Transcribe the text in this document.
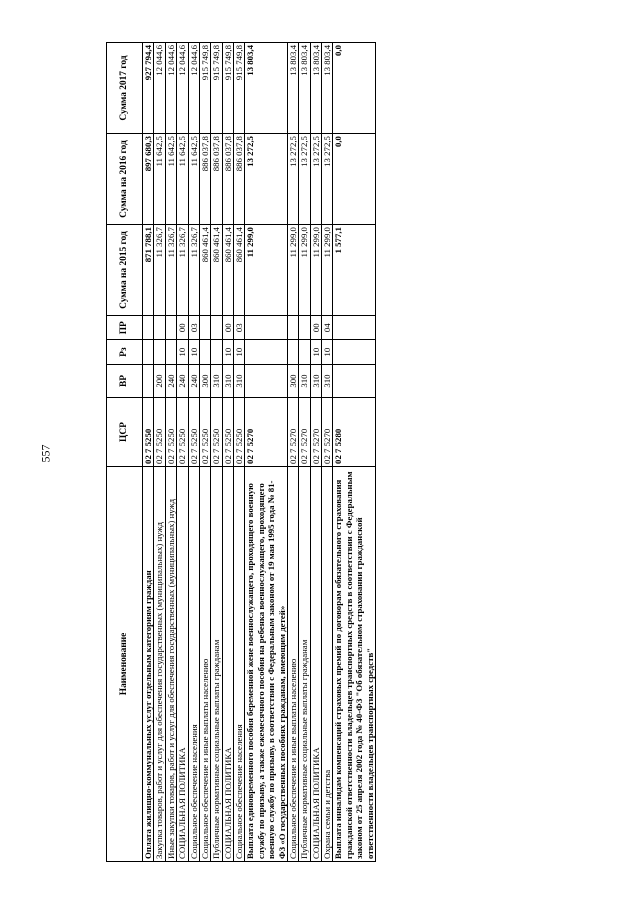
557
Наименование	ЦСР	ВР	Рз	ПР	Сумма на 2015 год	Сумма на 2016 год	Сумма 2017 год
Оплата жилищно-коммунальных услуг отдельным категориям граждан	02 7 5250				871 788,1	897 680,3	927 794,4
Закупка товаров, работ и услуг для обеспечения государственных (муниципальных) нужд	02 7 5250	200			11 326,7	11 642,5	12 044,6
Иные закупки товаров, работ и услуг для обеспечения государственных (муниципальных) нужд	02 7 5250	240			11 326,7	11 642,5	12 044,6
СОЦИАЛЬНАЯ ПОЛИТИКА	02 7 5250	240	10	00	11 326,7	11 642,5	12 044,6
Социальное обеспечение населения	02 7 5250	240	10	03	11 326,7	11 642,5	12 044,6
Социальное обеспечение и иные выплаты населению	02 7 5250	300			860 461,4	886 037,8	915 749,8
Публичные нормативные социальные выплаты гражданам	02 7 5250	310			860 461,4	886 037,8	915 749,8
СОЦИАЛЬНАЯ ПОЛИТИКА	02 7 5250	310	10	00	860 461,4	886 037,8	915 749,8
Социальное обеспечение населения	02 7 5250	310	10	03	860 461,4	886 037,8	915 749,8
Выплата единовременного пособия беременной жене военнослужащего, проходящего военную службу по призыву, а также ежемесячного пособия на ребенка военнослужащего, проходящего военную службу по призыву, в соответствии с Федеральным законом от 19 мая 1995 года № 81-ФЗ «О государственных пособиях гражданам, имеющим детей»	02 7 5270				11 299,0	13 272,5	13 803,4
Социальное обеспечение и иные выплаты населению	02 7 5270	300			11 299,0	13 272,5	13 803,4
Публичные нормативные социальные выплаты гражданам	02 7 5270	310			11 299,0	13 272,5	13 803,4
СОЦИАЛЬНАЯ ПОЛИТИКА	02 7 5270	310	10	00	11 299,0	13 272,5	13 803,4
Охрана семьи и детства	02 7 5270	310	10	04	11 299,0	13 272,5	13 803,4
Выплата инвалидам компенсаций страховых премий по договорам обязательного страхования гражданской ответственности владельцев транспортных средств в соответствии с Федеральным законом от 25 апреля 2002 года № 40-ФЗ "Об обязательном страховании гражданской ответственности владельцев транспортных средств"	02 7 5280				1 577,1	0,0	0,0
